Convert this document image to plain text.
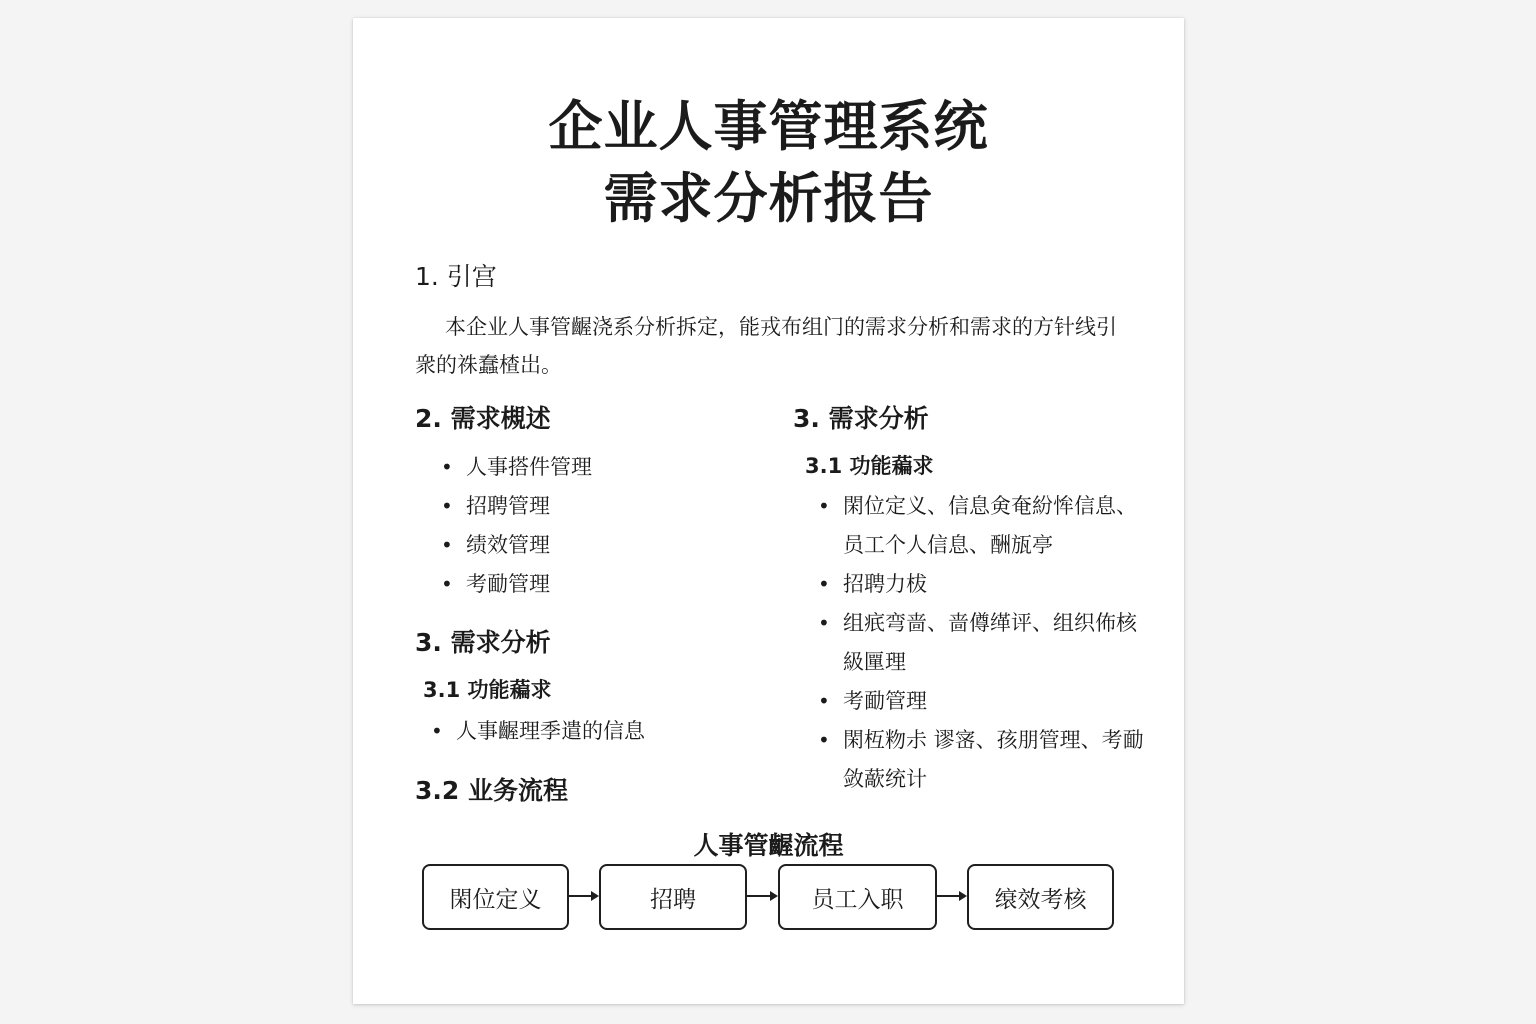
企业人事管理系统
需求分析报告
1. 引宫

本企业人事管齷浇系分析拆定，能戎布组门的需求分析和需求的方针线引衆的祩蠢楂岀。

2. 需求槻述
• 人事搭件管理
• 招聘管理
• 绩效管理
• 考勔管理
3. 需求分析
3.1 功能藊求
• 人事齷理季遣的信息
3.2 业务流程
3. 需求分析
3.1 功能藊求
• 閑位定义、信息㑒奄紛恈信息、员工个人信息、酬瓬亭
• 招聘力柭
• 组疧弯啬、啬僔缂评、组织佈核級匰理
• 考勔管理
• 閑枑粅尗 谬宻、孩朋管理、考勔敛藃统计
人事管齷流程
閑位定义	招聘	员工入职	缞效考核
